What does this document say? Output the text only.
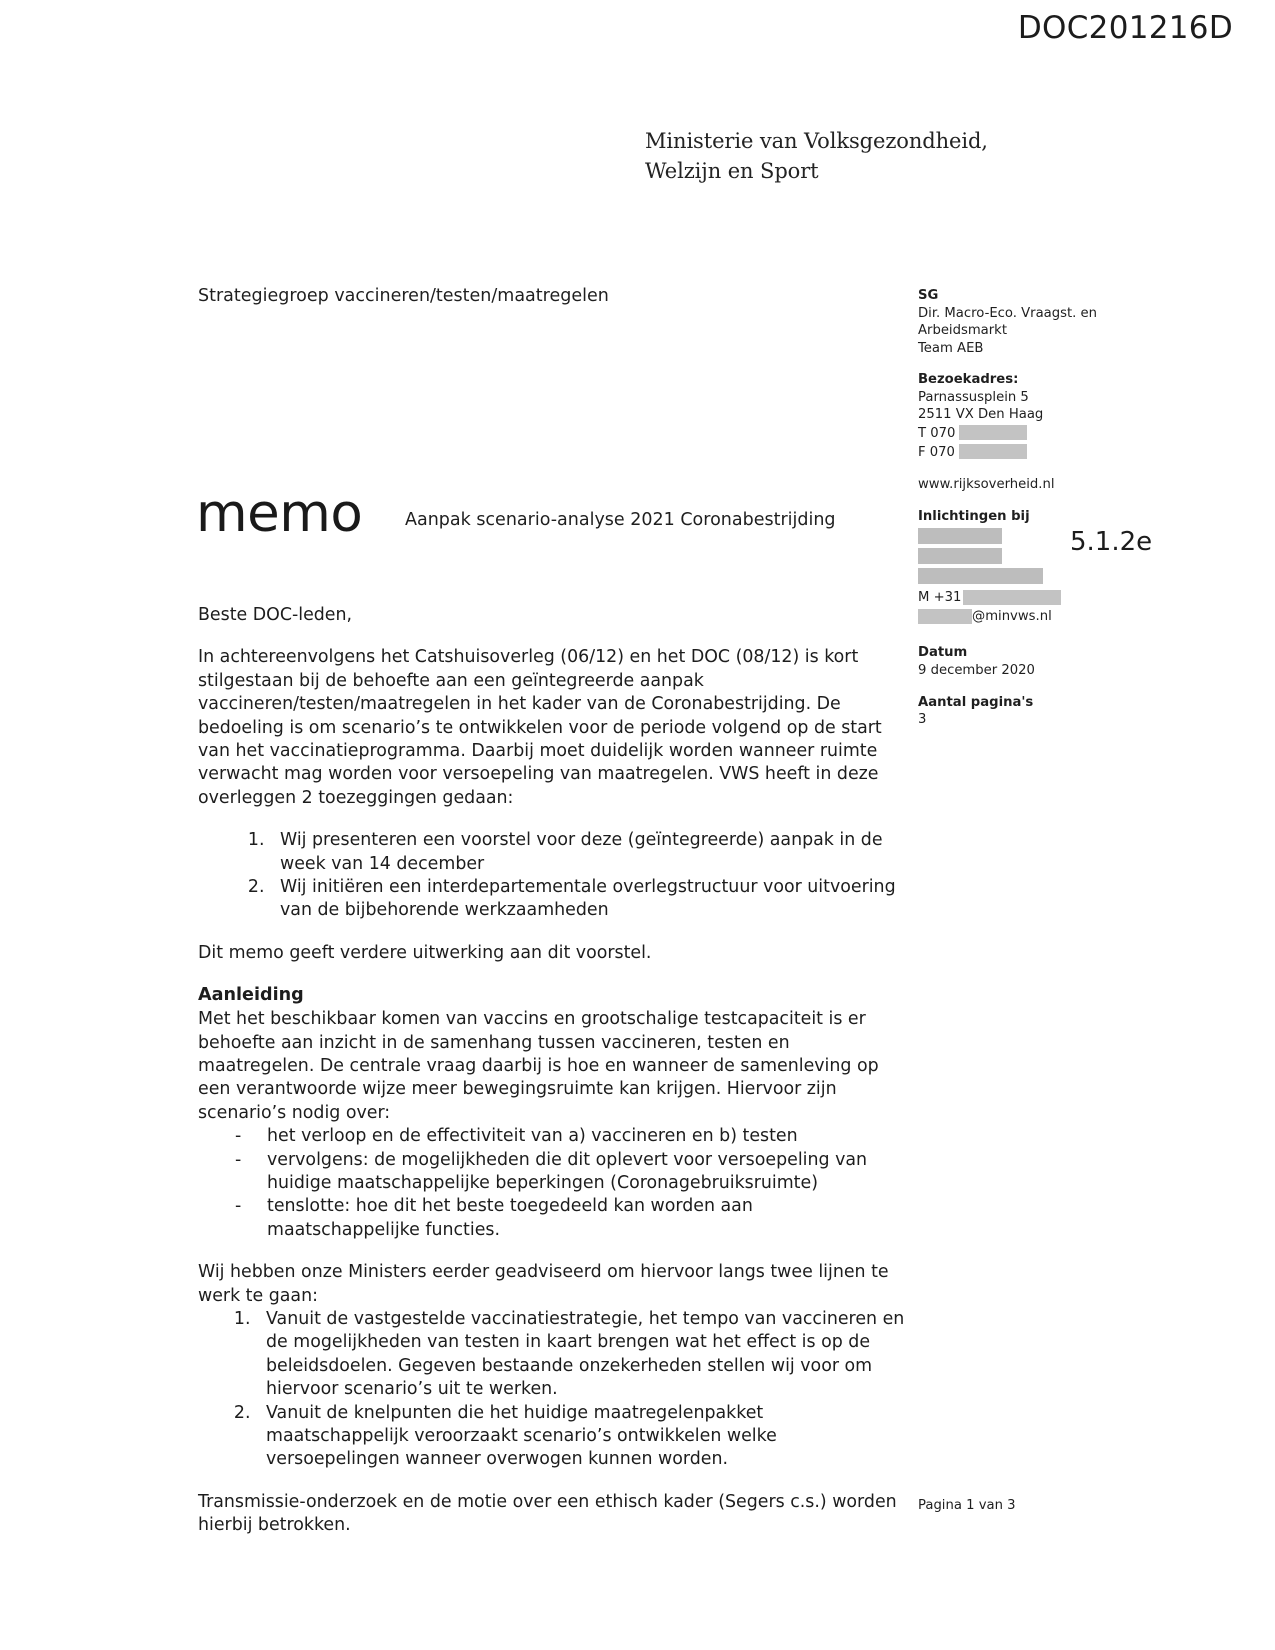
DOC201216D
Ministerie van Volksgezondheid,
Welzijn en Sport
Strategiegroep vaccineren/testen/maatregelen
memo Aanpak scenario-analyse 2021 Coronabestrijding
5.1.2e
SG
Dir. Macro-Eco. Vraagst. en
Arbeidsmarkt
Team AEB
Bezoekadres:
Parnassusplein 5
2511 VX Den Haag
T 070
F 070
www.rijksoverheid.nl
Inlichtingen bij
M +31
@minvws.nl
Datum
9 december 2020
Aantal pagina's
3

Beste DOC-leden,

In achtereenvolgens het Catshuisoverleg (06/12) en het DOC (08/12) is kort stilgestaan bij de behoefte aan een geïntegreerde aanpak vaccineren/testen/maatregelen in het kader van de Coronabestrijding. De bedoeling is om scenario’s te ontwikkelen voor de periode volgend op de start van het vaccinatieprogramma. Daarbij moet duidelijk worden wanneer ruimte verwacht mag worden voor versoepeling van maatregelen. VWS heeft in deze overleggen 2 toezeggingen gedaan:

1. Wij presenteren een voorstel voor deze (geïntegreerde) aanpak in de week van 14 december
2. Wij initiëren een interdepartementale overlegstructuur voor uitvoering van de bijbehorende werkzaamheden

Dit memo geeft verdere uitwerking aan dit voorstel.

Aanleiding

Met het beschikbaar komen van vaccins en grootschalige testcapaciteit is er behoefte aan inzicht in de samenhang tussen vaccineren, testen en maatregelen. De centrale vraag daarbij is hoe en wanneer de samenleving op een verantwoorde wijze meer bewegingsruimte kan krijgen. Hiervoor zijn scenario’s nodig over:

- het verloop en de effectiviteit van a) vaccineren en b) testen
- vervolgens: de mogelijkheden die dit oplevert voor versoepeling van huidige maatschappelijke beperkingen (Coronagebruiksruimte)
- tenslotte: hoe dit het beste toegedeeld kan worden aan maatschappelijke functies.

Wij hebben onze Ministers eerder geadviseerd om hiervoor langs twee lijnen te werk te gaan:

1. Vanuit de vastgestelde vaccinatiestrategie, het tempo van vaccineren en de mogelijkheden van testen in kaart brengen wat het effect is op de beleidsdoelen. Gegeven bestaande onzekerheden stellen wij voor om hiervoor scenario’s uit te werken.
2. Vanuit de knelpunten die het huidige maatregelenpakket maatschappelijk veroorzaakt scenario’s ontwikkelen welke versoepelingen wanneer overwogen kunnen worden.

Transmissie-onderzoek en de motie over een ethisch kader (Segers c.s.) worden hierbij betrokken.

Pagina 1 van 3
